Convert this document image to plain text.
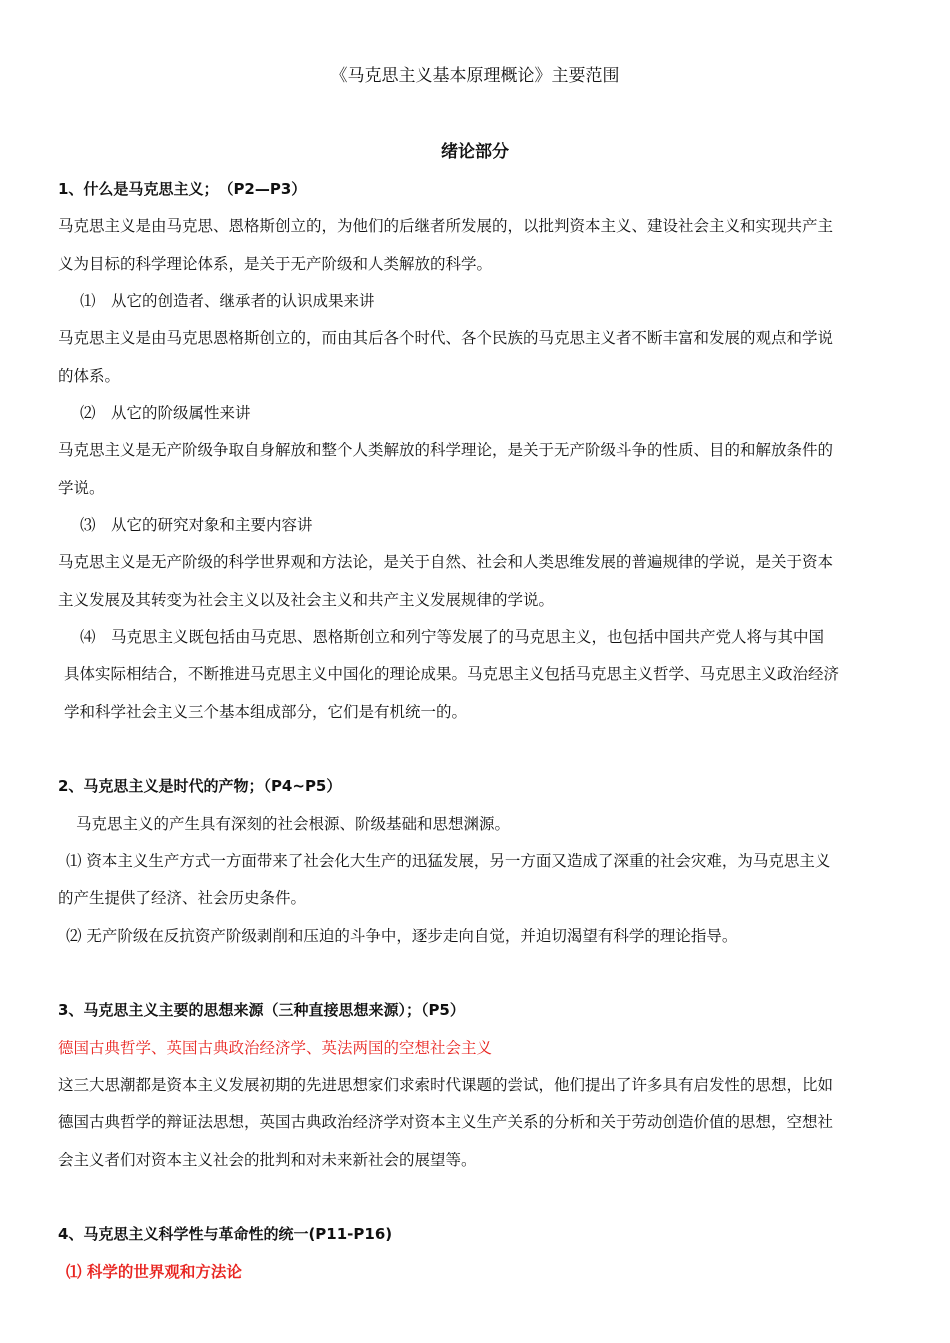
《马克思主义基本原理概论》主要范围
绪论部分
1、什么是马克思主义；　（P2—P3）
马克思主义是由马克思、恩格斯创立的，为他们的后继者所发展的，以批判资本主义、建设社会主义和实现共产主
义为目标的科学理论体系，是关于无产阶级和人类解放的科学。
⑴　从它的创造者、继承者的认识成果来讲
马克思主义是由马克思恩格斯创立的，而由其后各个时代、各个民族的马克思主义者不断丰富和发展的观点和学说
的体系。
⑵　从它的阶级属性来讲
马克思主义是无产阶级争取自身解放和整个人类解放的科学理论，是关于无产阶级斗争的性质、目的和解放条件的
学说。
⑶　从它的研究对象和主要内容讲
马克思主义是无产阶级的科学世界观和方法论，是关于自然、社会和人类思维发展的普遍规律的学说，是关于资本
主义发展及其转变为社会主义以及社会主义和共产主义发展规律的学说。
⑷　马克思主义既包括由马克思、恩格斯创立和列宁等发展了的马克思主义，也包括中国共产党人将与其中国
具体实际相结合，不断推进马克思主义中国化的理论成果。马克思主义包括马克思主义哲学、马克思主义政治经济
学和科学社会主义三个基本组成部分，它们是有机统一的。
2、马克思主义是时代的产物；（P4~P5）
马克思主义的产生具有深刻的社会根源、阶级基础和思想渊源。
⑴ 资本主义生产方式一方面带来了社会化大生产的迅猛发展，另一方面又造成了深重的社会灾难，为马克思主义
的产生提供了经济、社会历史条件。
⑵ 无产阶级在反抗资产阶级剥削和压迫的斗争中，逐步走向自觉，并迫切渴望有科学的理论指导。
3、马克思主义主要的思想来源（三种直接思想来源）；（P5）
德国古典哲学、英国古典政治经济学、英法两国的空想社会主义
这三大思潮都是资本主义发展初期的先进思想家们求索时代课题的尝试，他们提出了许多具有启发性的思想，比如
德国古典哲学的辩证法思想，英国古典政治经济学对资本主义生产关系的分析和关于劳动创造价值的思想，空想社
会主义者们对资本主义社会的批判和对未来新社会的展望等。
4、马克思主义科学性与革命性的统一(P11-P16)
⑴ 科学的世界观和方法论
